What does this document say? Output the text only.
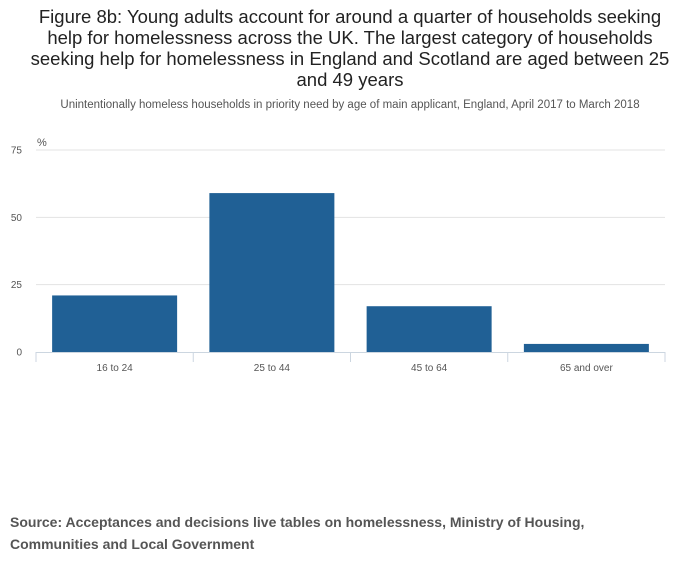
Figure 8b: Young adults account for around a quarter of households seeking help for homelessness across the UK. The largest category of households seeking help for homelessness in England and Scotland are aged between 25 and 49 years
Unintentionally homeless households in priority need by age of main applicant, England, April 2017 to March 2018
0
25
50
75
%
16 to 24	25 to 44	45 to 64	65 and over
Source: Acceptances and decisions live tables on homelessness, Ministry of Housing, Communities and Local Government
